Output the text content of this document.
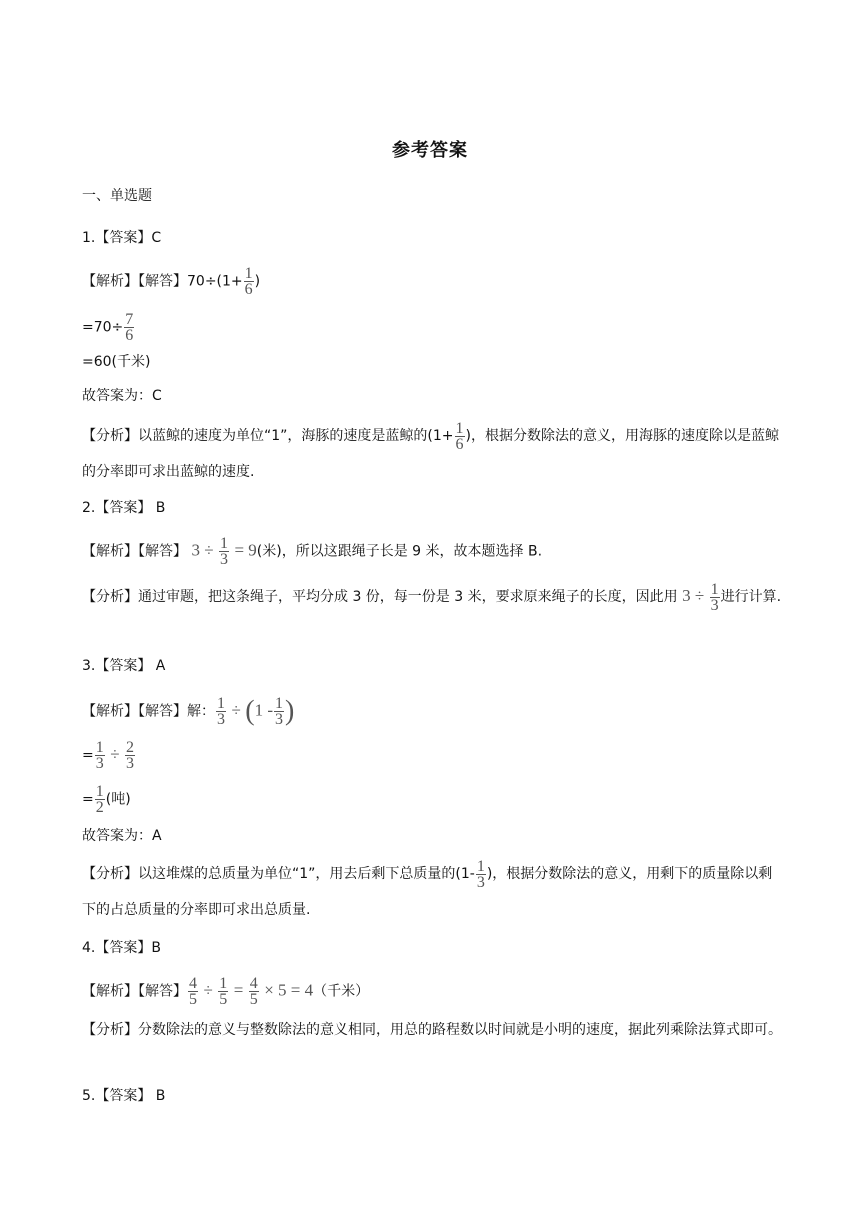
参考答案
一、单选题
1.【答案】C
【解析】【解答】$70\div(1+ \frac{1}{6}$ )
$=70\div \frac{7}{6}$
=60(千米)
故答案为：C
【分析】以蓝鲸的速度为单位“1”，海豚的速度是蓝鲸的($1+ \frac{1}{6}$ )，根据分数除法的意义，用海豚的速度除以是蓝鲸的分率即可求出蓝鲸的速度.
2.【答案】 B
【解析】【解答】 $3 \div \frac{1}{3} = 9$(米)，所以这跟绳子长是 9 米，故本题选择 B.
【分析】通过审题，把这条绳子，平均分成 3 份，每一份是 3 米，要求原来绳子的长度，因此用 $3 \div \frac{1}{3}$ 进行计算.
3.【答案】 A
【解析】【解答】解： $\frac{1}{3} \div (1 - \frac{1}{3}$ )
= $\frac{1}{3} \div \frac{2}{3}$
= $\frac{1}{2}$ (吨)
故答案为：A
【分析】以这堆煤的总质量为单位“1”，用去后剩下总质量的($1- \frac{1}{3}$ )，根据分数除法的意义，用剩下的质量除以剩下的占总质量的分率即可求出总质量.
4.【答案】B
【解析】【解答】 $\frac{4}{5} \div \frac{1}{5} = \frac{4}{5} \times 5 = 4$（千米）
【分析】分数除法的意义与整数除法的意义相同，用总的路程数以时间就是小明的速度，据此列乘除法算式即可。
5.【答案】 B
